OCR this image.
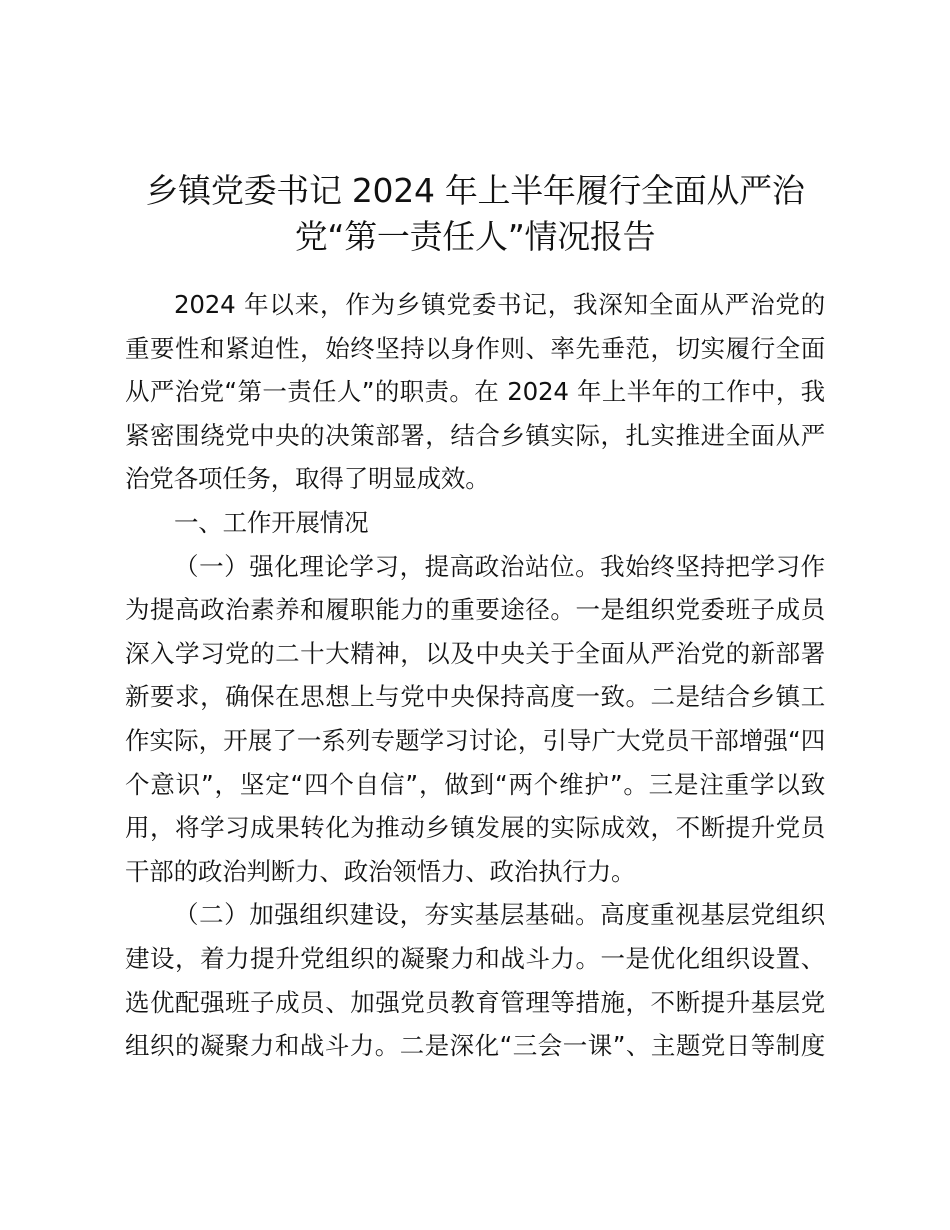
乡镇党委书记 2024 年上半年履行全面从严治
党“第一责任人”情况报告
2024 年以来，作为乡镇党委书记，我深知全面从严治党的
重要性和紧迫性，始终坚持以身作则、率先垂范，切实履行全面
从严治党“第一责任人”的职责。在 2024 年上半年的工作中，我
紧密围绕党中央的决策部署，结合乡镇实际，扎实推进全面从严
治党各项任务，取得了明显成效。
一、工作开展情况
（一）强化理论学习，提高政治站位。我始终坚持把学习作
为提高政治素养和履职能力的重要途径。一是组织党委班子成员
深入学习党的二十大精神，以及中央关于全面从严治党的新部署
新要求，确保在思想上与党中央保持高度一致。二是结合乡镇工
作实际，开展了一系列专题学习讨论，引导广大党员干部增强“四
个意识”，坚定“四个自信”，做到“两个维护”。三是注重学以致
用，将学习成果转化为推动乡镇发展的实际成效，不断提升党员
干部的政治判断力、政治领悟力、政治执行力。
（二）加强组织建设，夯实基层基础。高度重视基层党组织
建设，着力提升党组织的凝聚力和战斗力。一是优化组织设置、
选优配强班子成员、加强党员教育管理等措施，不断提升基层党
组织的凝聚力和战斗力。二是深化“三会一课”、主题党日等制度
